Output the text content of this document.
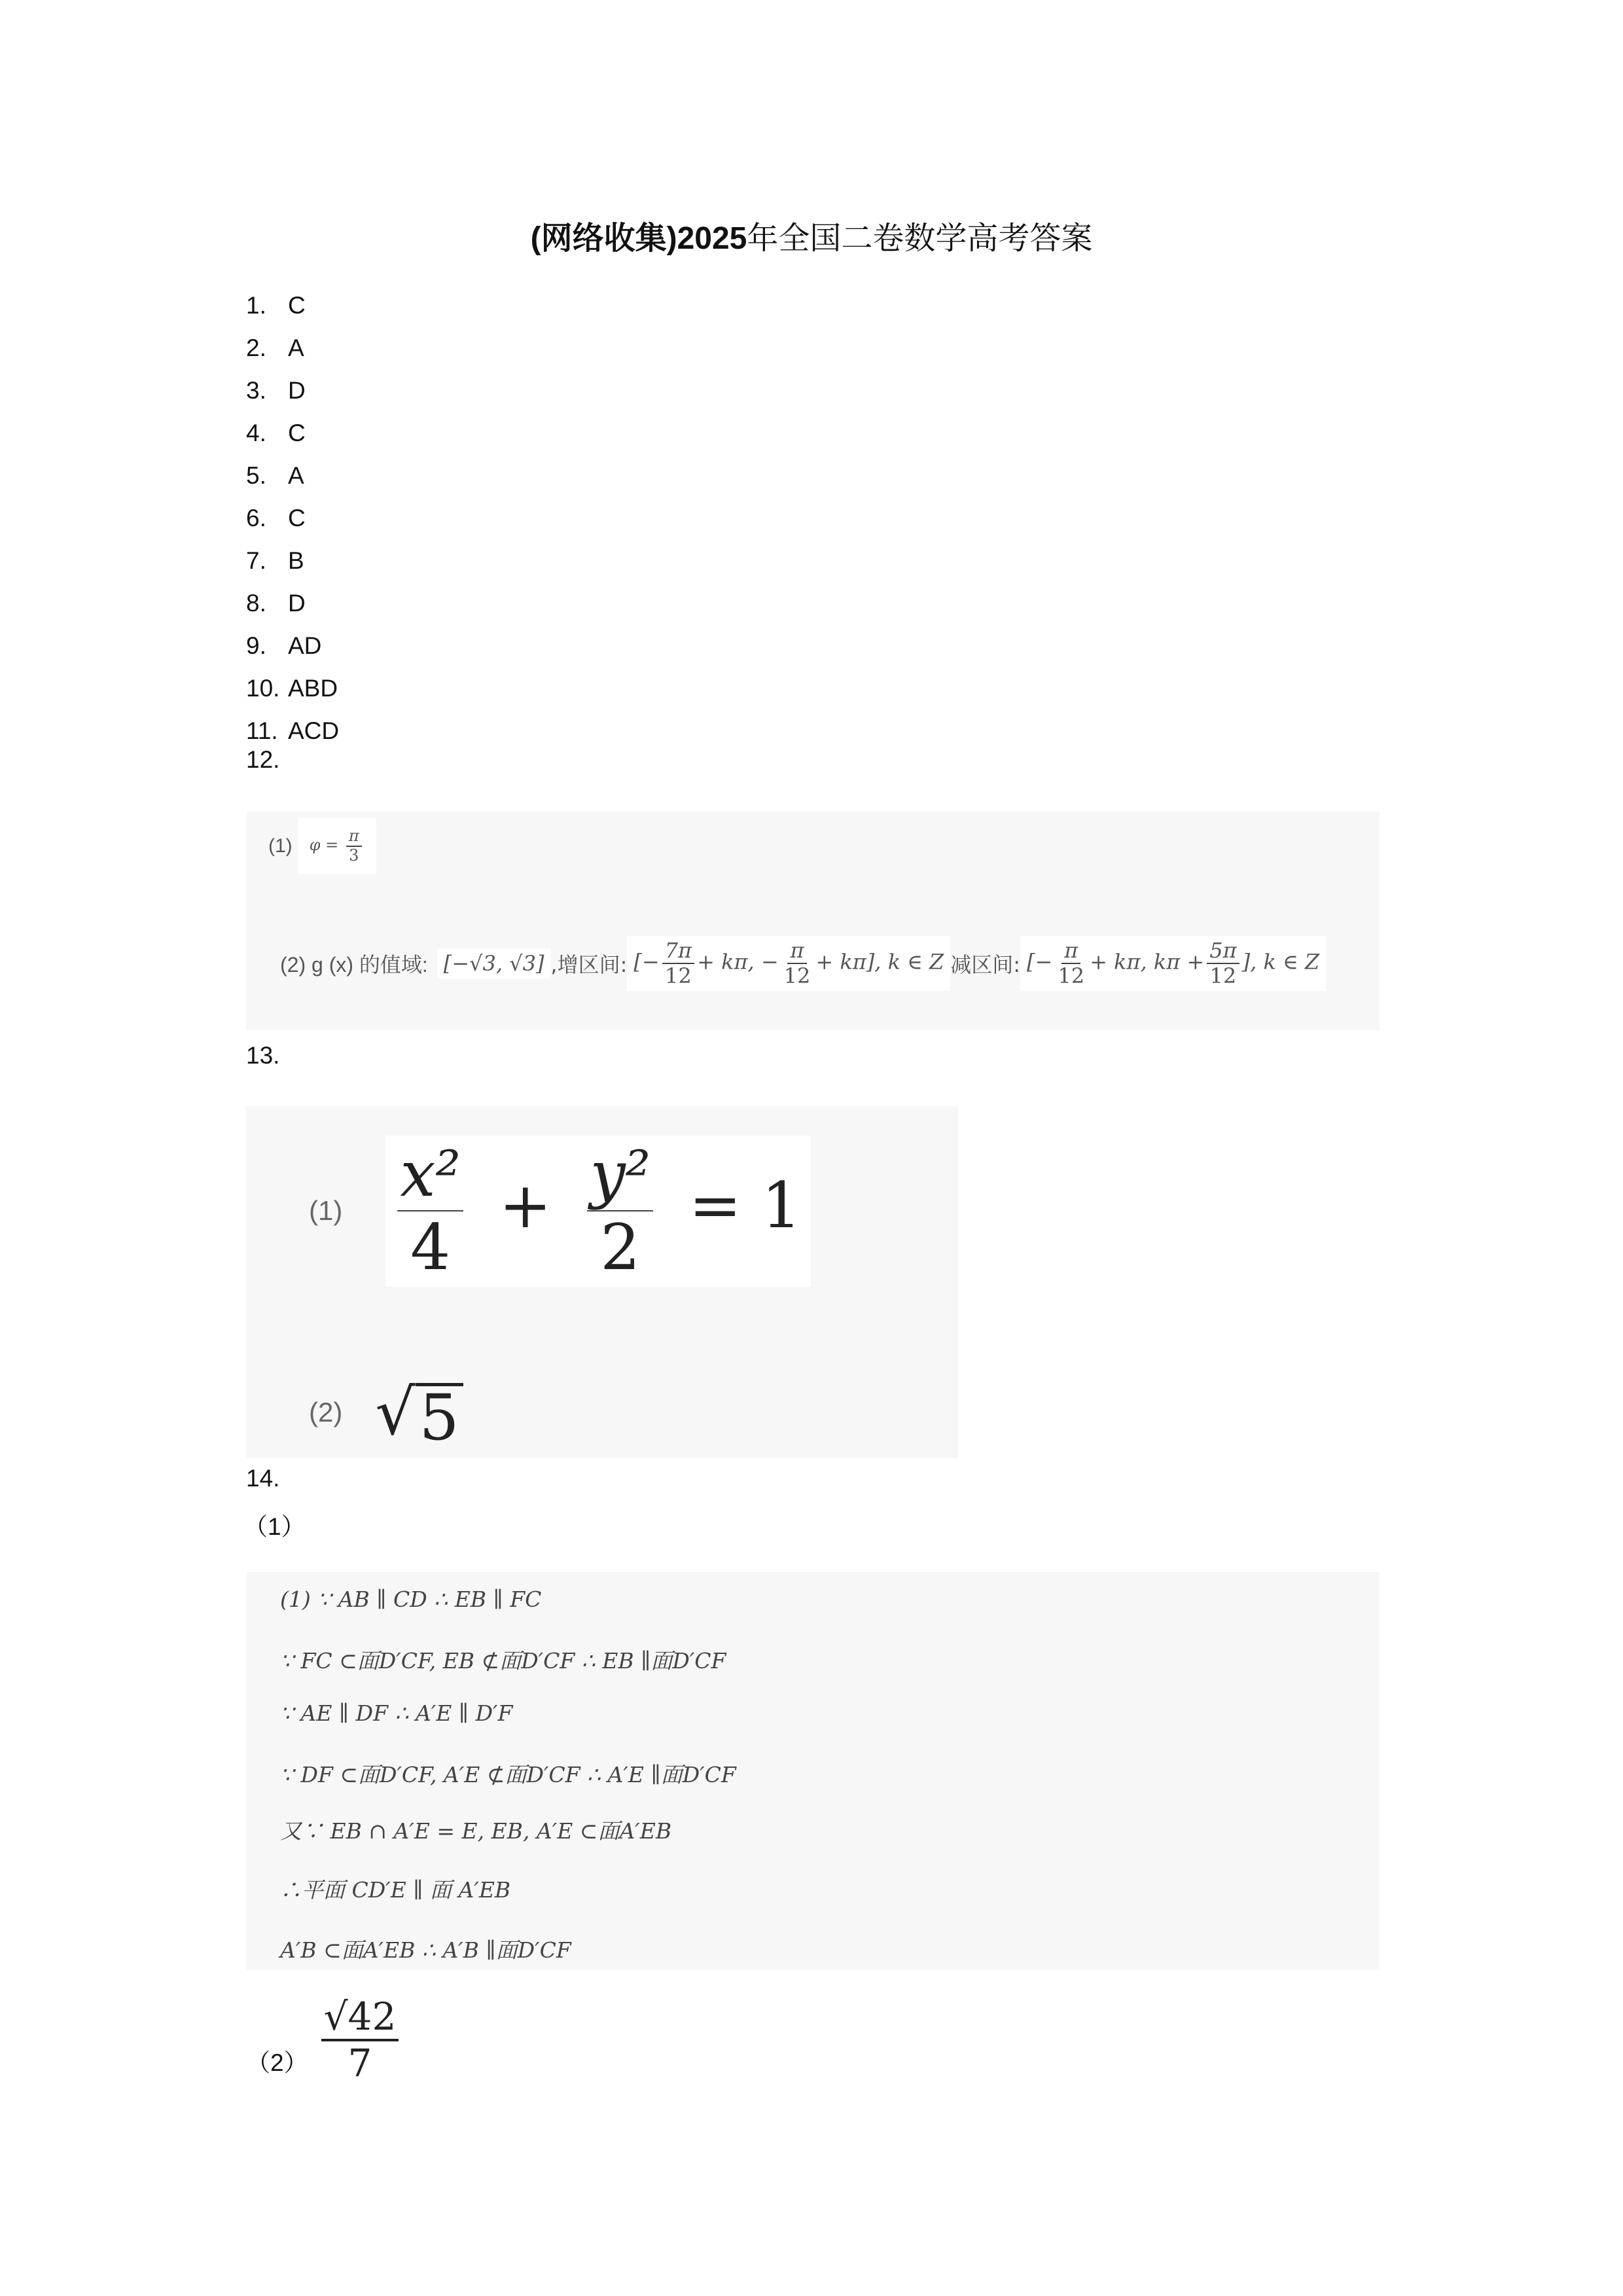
(网络收集)2025年全国二卷数学高考答案
1. C
2. A
3. D
4. C
5. A
6. C
7. B
8. D
9. AD
10. ABD
11. ACD
12.
(1)	$\varphi = \frac{\pi}{3}$
(2) g (x) 的值域: [−√3, √3] ,增区间: [− $\frac{7\pi}{12} + k\pi$, − $\frac{\pi}{12} + k\pi$], k ∈ Z 减区间: [− $\frac{\pi}{12} + k\pi$, $k\pi + \frac{5\pi}{12}$ ], k ∈ Z
13.
$(1) \frac{\text{x²}}{4} + \frac{\text{y²}}{2} = 1$
(2) √ 5
14.
（1）
(1) ∵ AB ∥ CD ∴ EB ∥ FC
∵ FC ⊂面D′CF, EB ⊄面D′CF ∴ EB ∥面D′CF
∵ AE ∥ DF ∴ A′E ∥ D′F
∵ DF ⊂面D′CF, A′E ⊄面D′CF ∴ A′E ∥面D′CF
又∵ EB ∩ A′E = E, EB, A′E ⊂面A′EB
∴平面 CD′E ∥ 面 A′EB
A′B ⊂面A′EB ∴ A′B ∥面D′CF
$(2) \frac{√42}{7}$
